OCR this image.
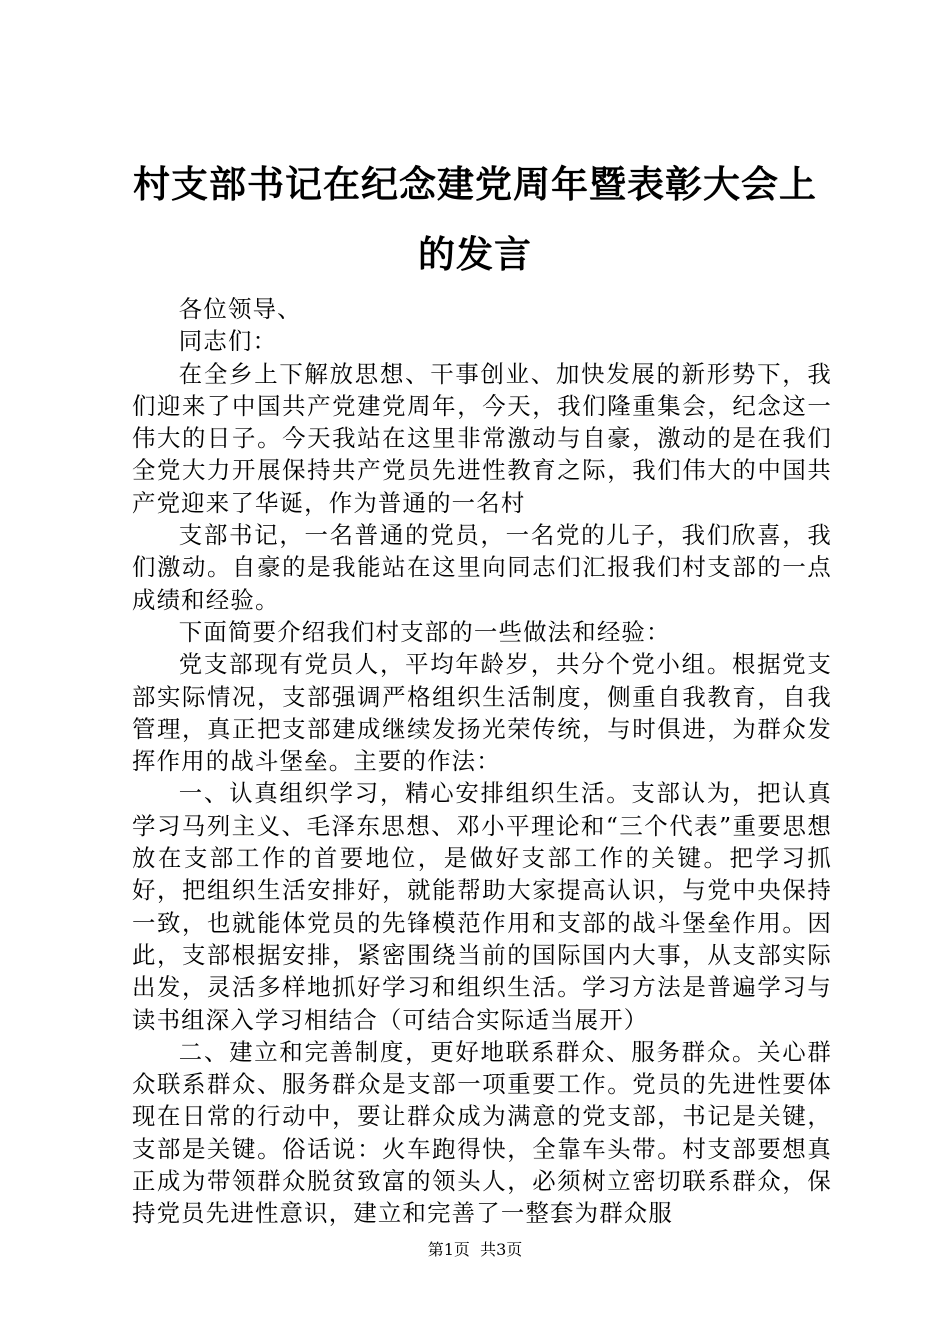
村支部书记在纪念建党周年暨表彰大会上的发言

各位领导、

同志们：

在全乡上下解放思想、干事创业、加快发展的新形势下，我们迎来了中国共产党建党周年，今天，我们隆重集会，纪念这一伟大的日子。今天我站在这里非常激动与自豪，激动的是在我们全党大力开展保持共产党员先进性教育之际，我们伟大的中国共产党迎来了华诞，作为普通的一名村

支部书记，一名普通的党员，一名党的儿子，我们欣喜，我们激动。自豪的是我能站在这里向同志们汇报我们村支部的一点成绩和经验。

下面简要介绍我们村支部的一些做法和经验：

党支部现有党员人，平均年龄岁，共分个党小组。根据党支部实际情况，支部强调严格组织生活制度，侧重自我教育，自我管理，真正把支部建成继续发扬光荣传统，与时俱进，为群众发挥作用的战斗堡垒。主要的作法：

一、认真组织学习，精心安排组织生活。支部认为，把认真学习马列主义、毛泽东思想、邓小平理论和“三个代表”重要思想放在支部工作的首要地位，是做好支部工作的关键。把学习抓好，把组织生活安排好，就能帮助大家提高认识，与党中央保持一致，也就能体党员的先锋模范作用和支部的战斗堡垒作用。因此，支部根据安排，紧密围绕当前的国际国内大事，从支部实际出发，灵活多样地抓好学习和组织生活。学习方法是普遍学习与读书组深入学习相结合（可结合实际适当展开）

二、建立和完善制度，更好地联系群众、服务群众。关心群众联系群众、服务群众是支部一项重要工作。党员的先进性要体现在日常的行动中，要让群众成为满意的党支部，书记是关键，支部是关键。俗话说：火车跑得快，全靠车头带。村支部要想真正成为带领群众脱贫致富的领头人，必须树立密切联系群众，保持党员先进性意识，建立和完善了一整套为群众服

第1页 共3页
